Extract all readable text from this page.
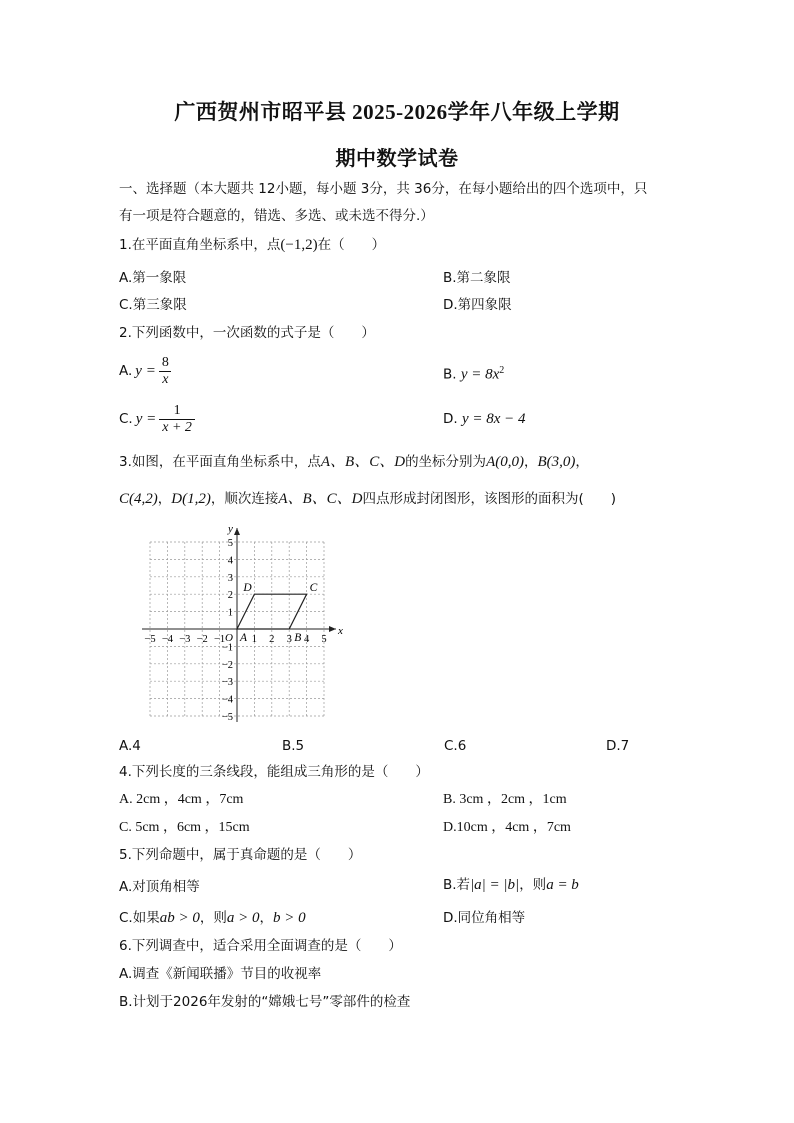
广西贺州市昭平县 2025-2026学年八年级上学期
期中数学试卷
一、选择题（本大题共 12小题，每小题 3分，共 36分，在每小题给出的四个选项中，只
有一项是符合题意的，错选、多选、或未选不得分.）
1.在平面直角坐标系中，点(−1,2)在（　　）
A.第一象限	B.第二象限
C.第三象限	D.第四象限
2.下列函数中，一次函数的式子是（　　）
A. $y = \frac{8}{x}$	B. $y = 8x^2$
C. $y = \frac{1}{x + 2}$	D. y = 8x − 4
3.如图，在平面直角坐标系中，点A、B、C、D的坐标分别为A(0,0)，B(3,0)，
C(4,2)，D(1,2)，顺次连接A、B、C、D四点形成封闭图形，该图形的面积为(　　)
x
y
O
−5 −4 −3 −2 −1	1 2 3 4 5
5
4
3
2
1
−1
−2
−3
−4
−5
A	B
C
D
A.4	B.5	C.6	D.7
4.下列长度的三条线段，能组成三角形的是（　　）
A. 2cm ，4cm ，7cm	B. 3cm ，2cm ，1cm
C. 5cm ，6cm ，15cm	D.10cm ，4cm ，7cm
5.下列命题中，属于真命题的是（　　）
A.对顶角相等	B.若|a| = |b|，则a = b
C.如果ab > 0，则a > 0，b > 0	D.同位角相等
6.下列调查中，适合采用全面调查的是（　　）
A.调查《新闻联播》节目的收视率
B.计划于2026年发射的“嫦娥七号”零部件的检查
